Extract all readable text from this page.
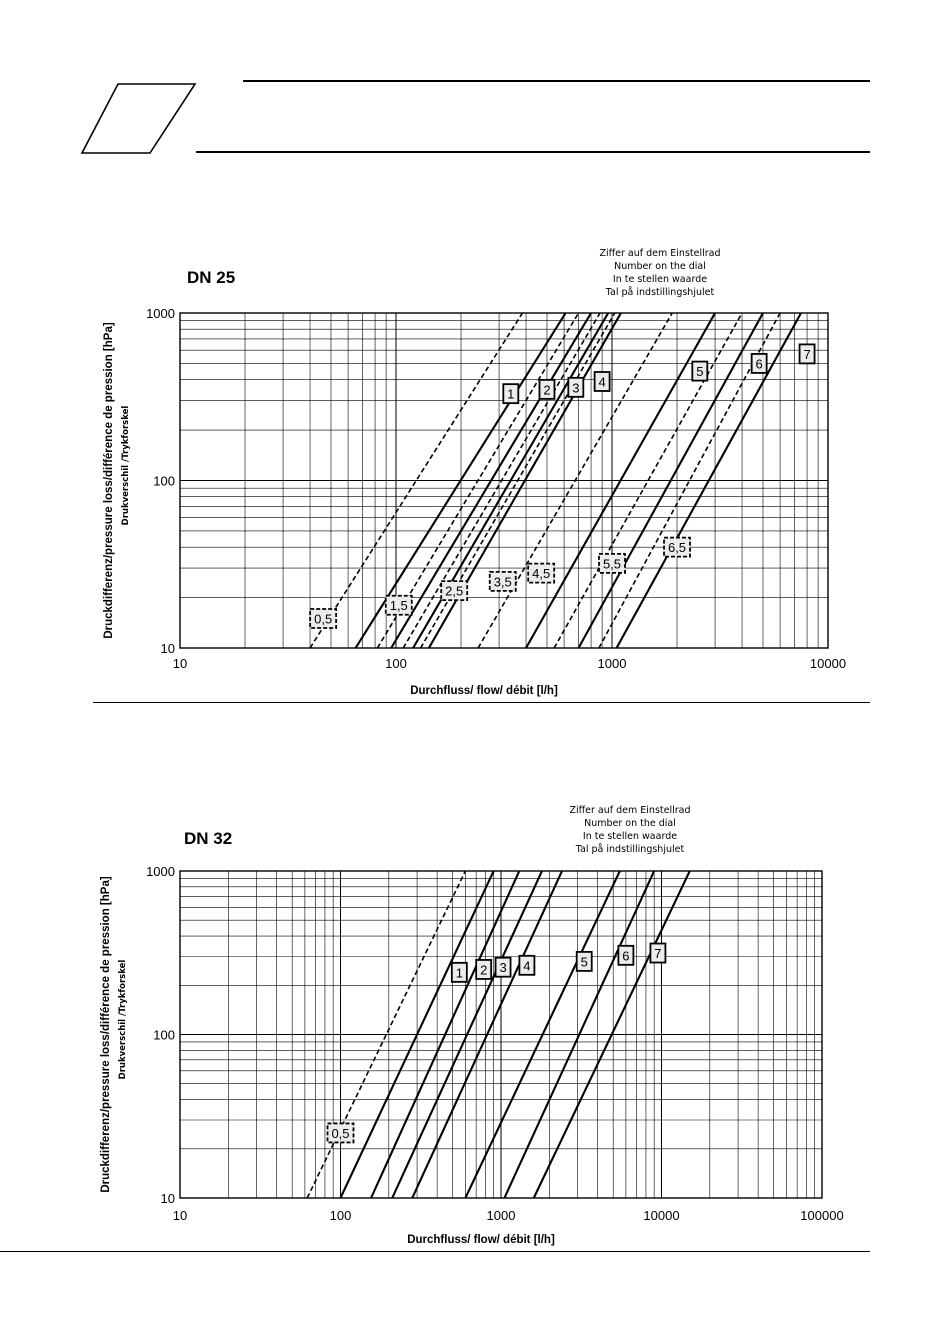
DN 25
Ziffer auf dem Einstellrad
Number on the dial
In te stellen waarde
Tal på indstillingshjulet
0,5
1
1,5
2
2,5
3
3,5
4
4,5
5
5,5
6
6,5
7
10	100	1000	10000
10
100
1000
Durchfluss/ flow/ débit [l/h]
Druckdifferenz/pressure loss/différence de pression [hPa] Drukverschil /Trykforskel
DN 32
Ziffer auf dem Einstellrad
Number on the dial
In te stellen waarde
Tal på indstillingshjulet
0,5
1 2 3 4	5	6 7
10	100	1000	10000	100000
10
100
1000
Durchfluss/ flow/ débit [l/h]
Druckdifferenz/pressure loss/différence de pression [hPa] Drukverschil /Trykforskel
